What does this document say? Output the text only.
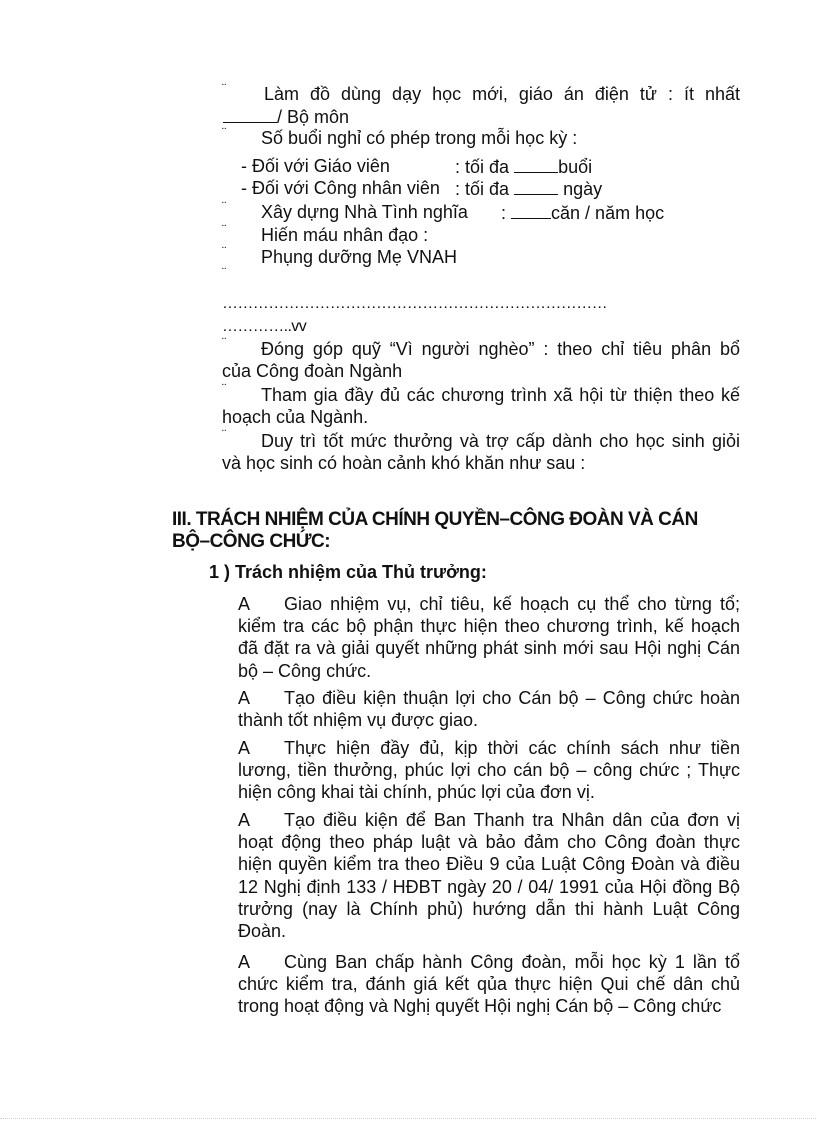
¨ Làm đồ dùng dạy học mới, giáo án điện tử : ít nhất
/ Bộ môn
¨ Số buổi nghỉ có phép trong mỗi học kỳ :
- Đối với Giáo viên	: tối đa	buổi
- Đối với Công nhân viên : tối đa	ngày
¨ Xây dựng Nhà Tình nghĩa :	căn / năm học
¨ Hiến máu nhân đạo :
¨ Phụng dưỡng Mẹ VNAH
¨
…………………………………………………………………
…………..vv
¨ Đóng góp quỹ “Vì người nghèo” : theo chỉ tiêu phân bổ
của Công đoàn Ngành
¨ Tham gia đầy đủ các chương trình xã hội từ thiện theo kế
hoạch của Ngành.
¨ Duy trì tốt mức thưởng và trợ cấp dành cho học sinh giỏi
và học sinh có hoàn cảnh khó khăn như sau :
III. TRÁCH NHIỆM CỦA CHÍNH QUYỀN–CÔNG ĐOÀN VÀ CÁN
BỘ–CÔNG CHỨC:
1 ) Trách nhiệm của Thủ trưởng:
A Giao nhiệm vụ, chỉ tiêu, kế hoạch cụ thể cho từng tổ; kiểm tra các bộ phận thực hiện theo chương trình, kế hoạch đã đặt ra và giải quyết những phát sinh mới sau Hội nghị Cán bộ – Công chức.
A Tạo điều kiện thuận lợi cho Cán bộ – Công chức hoàn thành tốt nhiệm vụ được giao.
A Thực hiện đầy đủ, kịp thời các chính sách như tiền lương, tiền thưởng, phúc lợi cho cán bộ – công chức ; Thực hiện công khai tài chính, phúc lợi của đơn vị.
A Tạo điều kiện để Ban Thanh tra Nhân dân của đơn vị hoạt động theo pháp luật và bảo đảm cho Công đoàn thực hiện quyền kiểm tra theo Điều 9 của Luật Công Đoàn và điều 12 Nghị định 133 / HĐBT ngày 20 / 04/ 1991 của Hội đồng Bộ trưởng (nay là Chính phủ) hướng dẫn thi hành Luật Công Đoàn.
A Cùng Ban chấp hành Công đoàn, mỗi học kỳ 1 lần tổ chức kiểm tra, đánh giá kết qủa thực hiện Qui chế dân chủ trong hoạt động và Nghị quyết Hội nghị Cán bộ – Công chức
